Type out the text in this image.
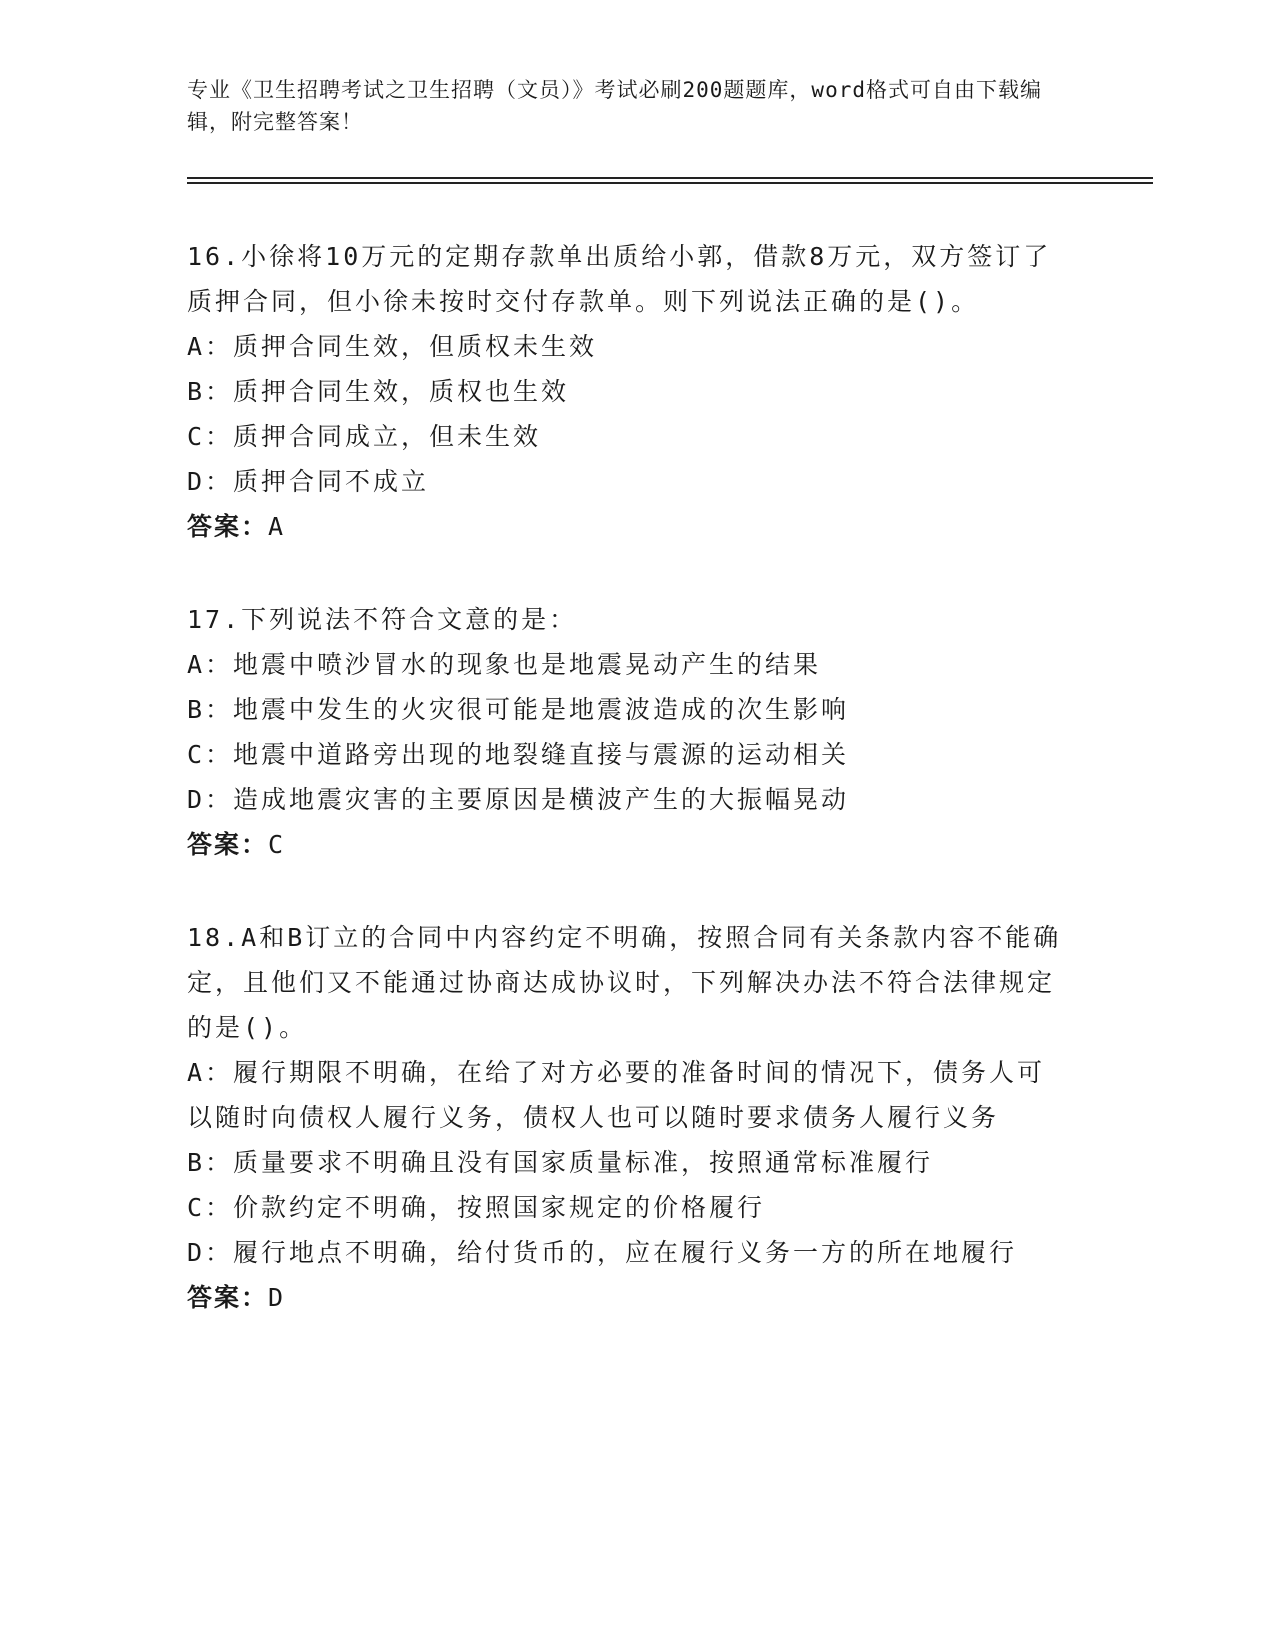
专业《卫生招聘考试之卫生招聘（文员）》考试必刷200题题库，word格式可自由下载编辑，附完整答案！
16.小徐将10万元的定期存款单出质给小郭，借款8万元，双方签订了质押合同，但小徐未按时交付存款单。则下列说法正确的是()。
A：质押合同生效，但质权未生效
B：质押合同生效，质权也生效
C：质押合同成立，但未生效
D：质押合同不成立
答案：A
17.下列说法不符合文意的是：
A：地震中喷沙冒水的现象也是地震晃动产生的结果
B：地震中发生的火灾很可能是地震波造成的次生影响
C：地震中道路旁出现的地裂缝直接与震源的运动相关
D：造成地震灾害的主要原因是横波产生的大振幅晃动
答案：C
18.A和B订立的合同中内容约定不明确，按照合同有关条款内容不能确定，且他们又不能通过协商达成协议时，下列解决办法不符合法律规定的是()。
A：履行期限不明确，在给了对方必要的准备时间的情况下，债务人可以随时向债权人履行义务，债权人也可以随时要求债务人履行义务
B：质量要求不明确且没有国家质量标准，按照通常标准履行
C：价款约定不明确，按照国家规定的价格履行
D：履行地点不明确，给付货币的，应在履行义务一方的所在地履行
答案：D
